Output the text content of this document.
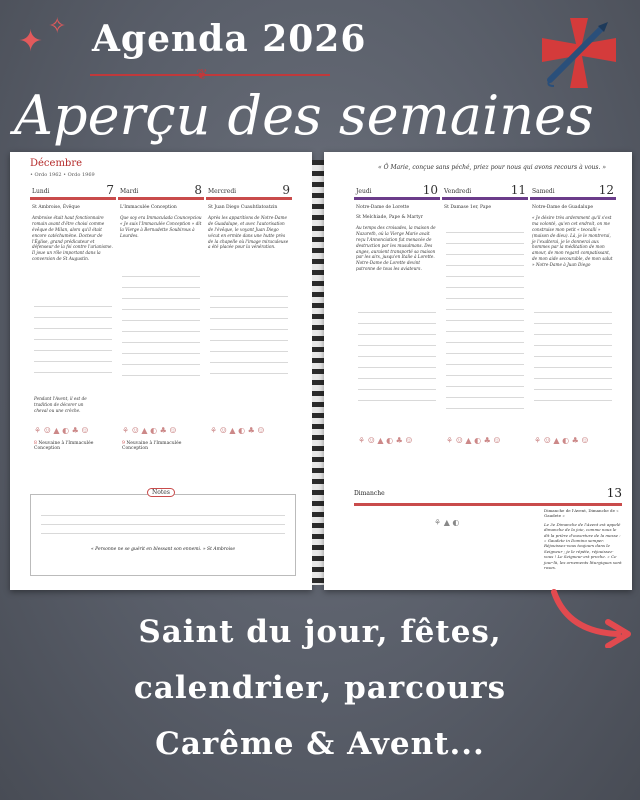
✦ ✧ Agenda 2026
❦
Aperçu des semaines
Décembre
• Ordo 1962 • Ordo 1969
Lundi	7
St Ambroise, Évêque
Ambroise était haut fonctionnaire romain avant d'être choisi comme évêque de Milan, alors qu'il était encore catéchumène. Docteur de l'Église, grand prédicateur et défenseur de la foi contre l'arianisme. Il joue un rôle important dans la conversion de St Augustin.
Pendant l'Avent, il est de tradition de décorer un cheval ou une crèche.
⚘ ☺ ▲ ◐ ♣ ☺
8 Neuvaine à l'Immaculée Conception
Mardi	8
L'Immaculée Conception
Que soy era Immaculada Councepciou « Je suis l'Immaculée Conception » dit la Vierge à Bernadette Soubirous à Lourdes.
⚘ ☺ ▲ ◐ ♣ ☺
9 Neuvaine à l'Immaculée Conception
Mercredi	9
St Juan Diego Cuauhtlatoatzin
Après les apparitions de Notre-Dame de Guadalupe, et avec l'autorisation de l'évêque, le voyant Juan Diego vécut en ermite dans une hutte près de la chapelle où l'image miraculeuse a été placée pour la vénération.
⚘ ☺ ▲ ◐ ♣ ☺
Notes
« Personne ne se guérit en blessant son ennemi. » St Ambroise
« Ô Marie, conçue sans péché, priez pour nous qui avons recours à vous. »
Jeudi	10
Notre-Dame de Lorette
St Melchiade, Pape & Martyr
Au temps des croisades, la maison de Nazareth, où la Vierge Marie avait reçu l'Annonciation fut menacée de destruction par les musulmans. Des anges, auraient transporté sa maison par les airs, jusqu'en Italie à Lorette. Notre-Dame de Lorette devint patronne de tous les aviateurs.
⚘ ☺ ▲ ◐ ♣ ☺
Vendredi	11
St Damase 1er, Pape
⚘ ☺ ▲ ◐ ♣ ☺
Samedi	12
Notre-Dame de Guadalupe
« Je désire très ardemment qu'il s'est ma volonté, qu'en cet endroit, on me construise mon petit « teocalli » (maison de dieu). Là, je le montrerai, je l'exalterai, je le donnerai aux hommes par la méditation de mon amour, de mon regard compatissant, de mon aide secourable, de mon salut » Notre-Dame à Juan Diego
⚘ ☺ ▲ ◐ ♣ ☺
Dimanche	13
Dimanche de l'Avent, Dimanche de « Gaudete »
Le 3e Dimanche de l'Avent est appelé dimanche de la joie, comme nous le dit la prière d'ouverture de la messe : « Gaudete in Domino semper. Réjouissez-vous toujours dans le Seigneur ; je le répète, réjouissez-vous ! Le Seigneur est proche. » Ce jour-là, les ornements liturgiques sont roses.
⚘ ▲ ◐
Saint du jour, fêtes,
calendrier, parcours
Carême & Avent...
